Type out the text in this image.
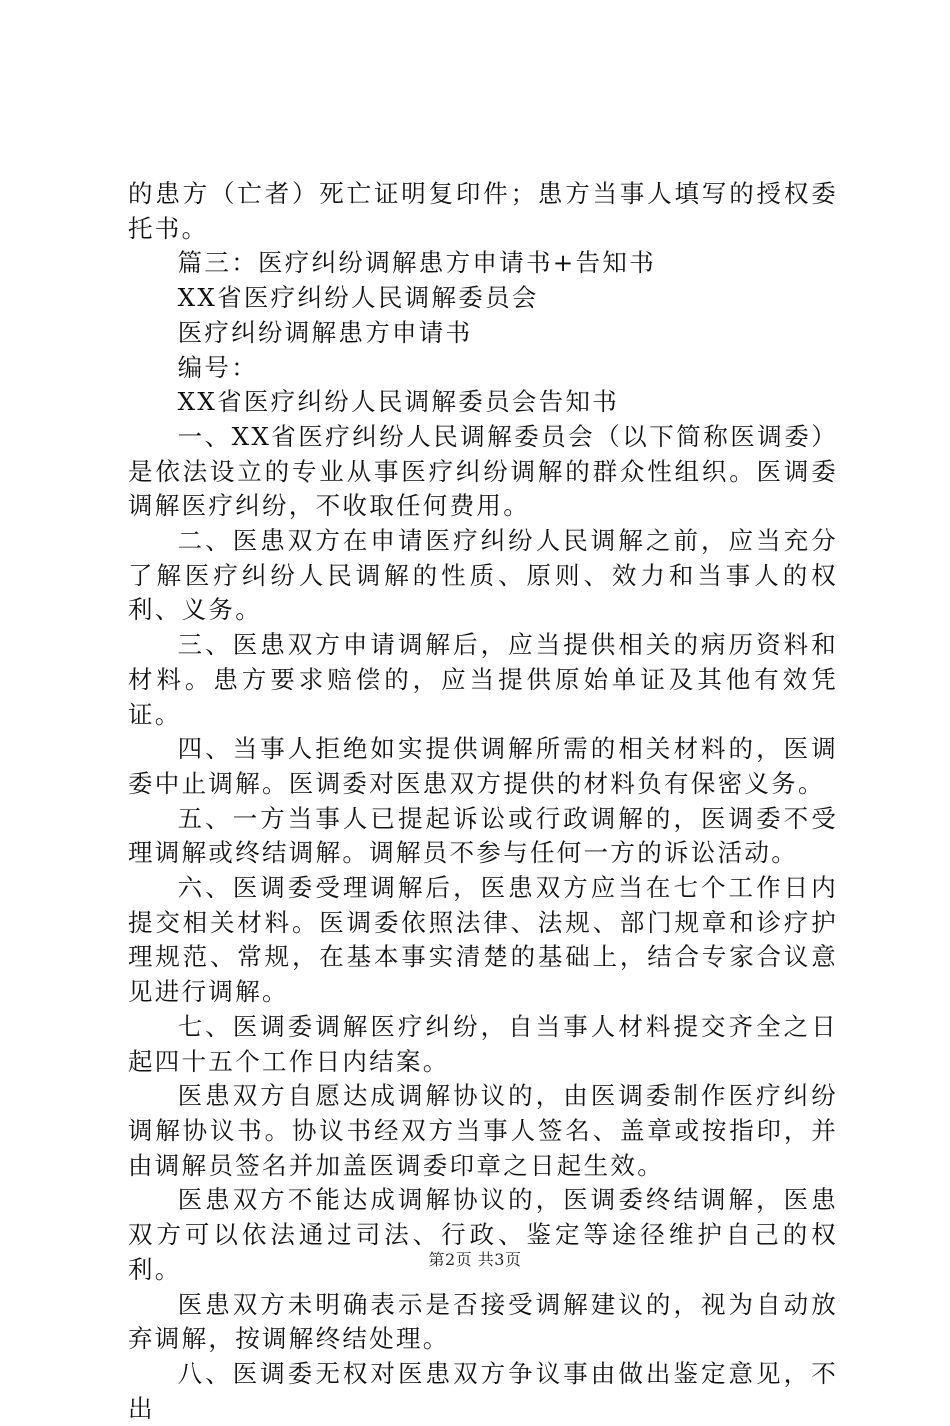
的患方（亡者）死亡证明复印件；患方当事人填写的授权委托书。

篇三：医疗纠纷调解患方申请书+告知书

XX省医疗纠纷人民调解委员会

医疗纠纷调解患方申请书

编号：

XX省医疗纠纷人民调解委员会告知书

一、XX省医疗纠纷人民调解委员会（以下简称医调委）是依法设立的专业从事医疗纠纷调解的群众性组织。医调委调解医疗纠纷，不收取任何费用。

二、医患双方在申请医疗纠纷人民调解之前，应当充分了解医疗纠纷人民调解的性质、原则、效力和当事人的权利、义务。

三、医患双方申请调解后，应当提供相关的病历资料和材料。患方要求赔偿的，应当提供原始单证及其他有效凭证。

四、当事人拒绝如实提供调解所需的相关材料的，医调委中止调解。医调委对医患双方提供的材料负有保密义务。

五、一方当事人已提起诉讼或行政调解的，医调委不受理调解或终结调解。调解员不参与任何一方的诉讼活动。

六、医调委受理调解后，医患双方应当在七个工作日内提交相关材料。医调委依照法律、法规、部门规章和诊疗护理规范、常规，在基本事实清楚的基础上，结合专家合议意见进行调解。

七、医调委调解医疗纠纷，自当事人材料提交齐全之日起四十五个工作日内结案。

医患双方自愿达成调解协议的，由医调委制作医疗纠纷调解协议书。协议书经双方当事人签名、盖章或按指印，并由调解员签名并加盖医调委印章之日起生效。

医患双方不能达成调解协议的，医调委终结调解，医患双方可以依法通过司法、行政、鉴定等途径维护自己的权利。

医患双方未明确表示是否接受调解建议的，视为自动放弃调解，按调解终结处理。

八、医调委无权对医患双方争议事由做出鉴定意见，不出

第2页 共3页
